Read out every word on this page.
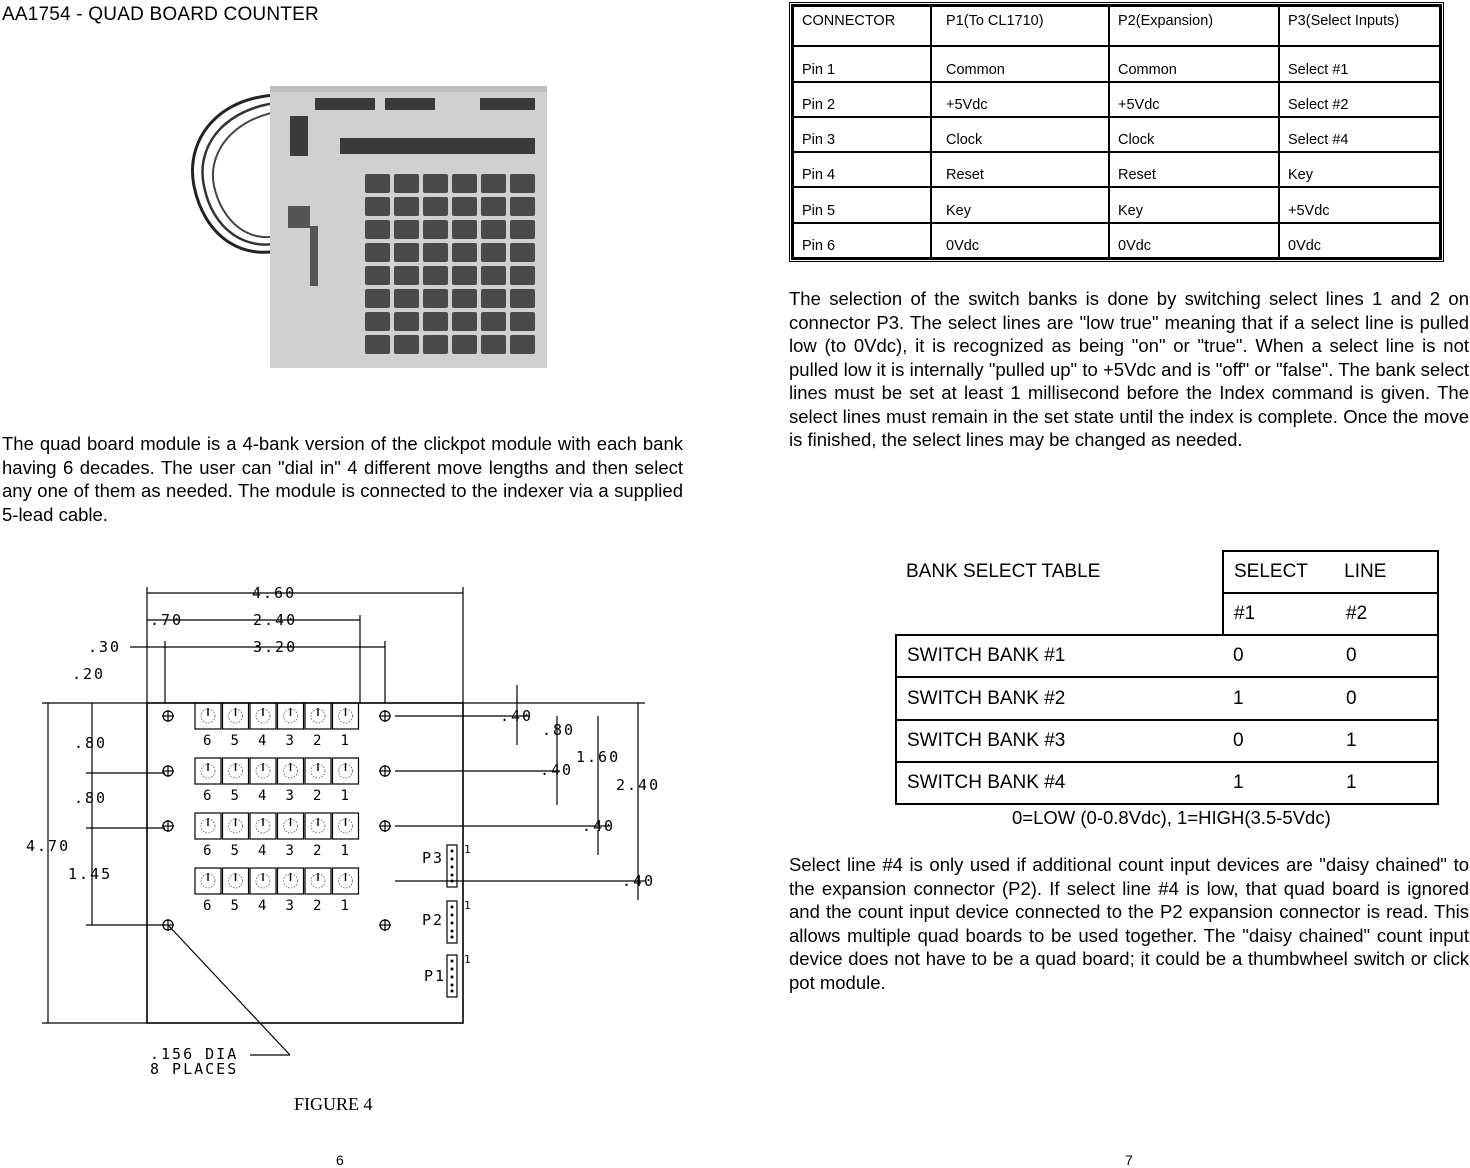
AA1754 - QUAD BOARD COUNTER
The quad board module is a 4-bank version of the clickpot module with each bank having 6 decades. The user can "dial in" 4 different move lengths and then select any one of them as needed. The module is connected to the indexer via a supplied 5-lead cable.
6 5 4 3 2 1
6 5 4 3 2 1
6 5 4 3 2 1
6 5 4 3 2 1
4.60
.70	2.40
.30	3.20
.20
.80
.80
4.70
1.45
.40
.80
1.60
.40
2.40
.40
.40
P3
P2
P1
1
1
1
.156 DIA
8 PLACES
FIGURE 4
6
CONNECTOR	P1(To CL1710)	P2(Expansion)	P3(Select Inputs)
Pin 1	Common	Common	Select #1
Pin 2	+5Vdc	+5Vdc	Select #2
Pin 3	Clock	Clock	Select #4
Pin 4	Reset	Reset	Key
Pin 5	Key	Key	+5Vdc
Pin 6	0Vdc	0Vdc	0Vdc
The selection of the switch banks is done by switching select lines 1 and 2 on connector P3. The select lines are "low true" meaning that if a select line is pulled low (to 0Vdc), it is recognized as being "on" or "true". When a select line is not pulled low it is internally "pulled up" to +5Vdc and is "off" or "false". The bank select lines must be set at least 1 millisecond before the Index command is given. The select lines must remain in the set state until the index is complete. Once the move is finished, the select lines may be changed as needed.
BANK SELECT TABLE	SELECT LINE	
	#1	#2
SWITCH BANK #1	0	0
SWITCH BANK #2	1	0
SWITCH BANK #3	0	1
SWITCH BANK #4	1	1
0=LOW (0-0.8Vdc), 1=HIGH(3.5-5Vdc)
Select line #4 is only used if additional count input devices are "daisy chained" to the expansion connector (P2). If select line #4 is low, that quad board is ignored and the count input device connected to the P2 expansion connector is read. This allows multiple quad boards to be used together. The "daisy chained" count input device does not have to be a quad board; it could be a thumbwheel switch or click pot module.
7
